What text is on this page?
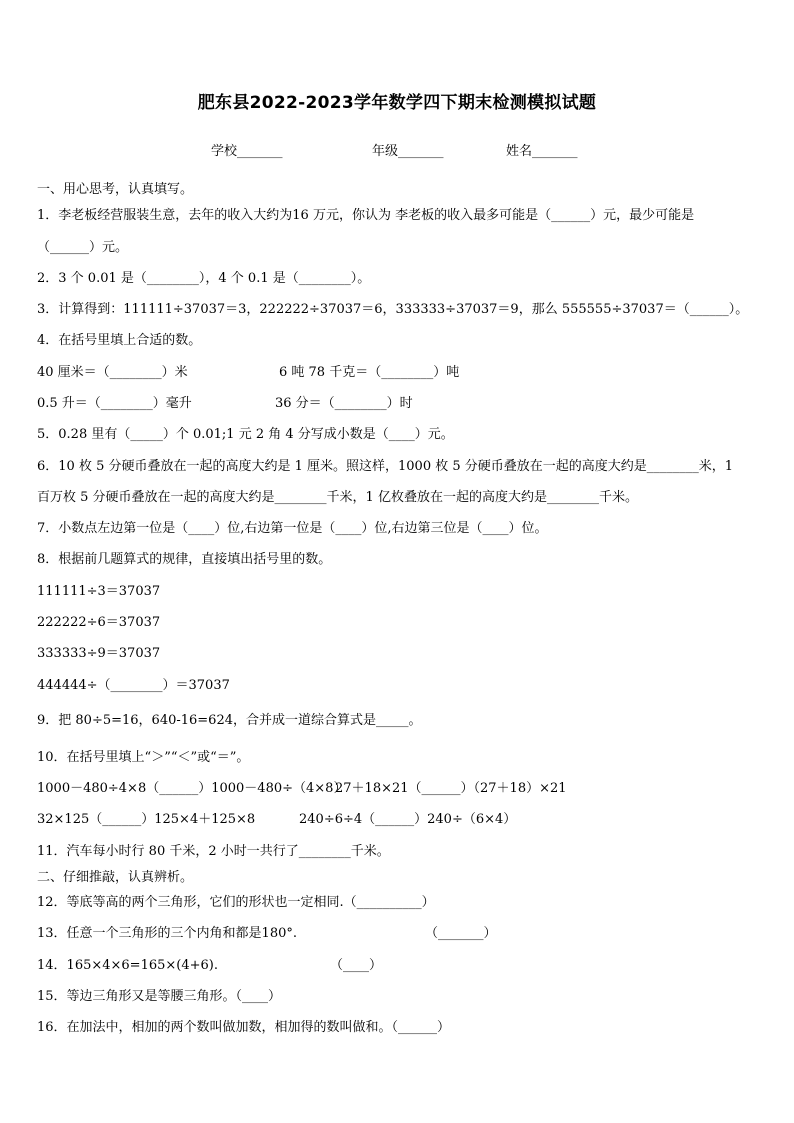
肥东县2022-2023学年数学四下期末检测模拟试题
学校_______	年级_______	姓名_______
一、用心思考，认真填写。
1．李老板经营服装生意，去年的收入大约为16 万元，你认为 李老板的收入最多可能是（______）元，最少可能是
（______）元。
2．3 个 0.01 是（________），4 个 0.1 是（________）。
3．计算得到：111111÷37037＝3，222222÷37037＝6，333333÷37037＝9，那么 555555÷37037＝（______）。
4．在括号里填上合适的数。
40 厘米＝（________）米	6 吨 78 千克＝（________）吨
0.5 升＝（________）毫升	36 分＝（________）时
5．0.28 里有（_____）个 0.01;1 元 2 角 4 分写成小数是（____）元。
6．10 枚 5 分硬币叠放在一起的高度大约是 1 厘米。照这样，1000 枚 5 分硬币叠放在一起的高度大约是________米，1
百万枚 5 分硬币叠放在一起的高度大约是________千米，1 亿枚叠放在一起的高度大约是________千米。
7．小数点左边第一位是（____）位,右边第一位是（____）位,右边第三位是（____）位。
8．根据前几题算式的规律，直接填出括号里的数。
111111÷3＝37037
222222÷6＝37037
333333÷9＝37037
444444÷（________）＝37037
9．把 80÷5=16，640-16=624，合并成一道综合算式是_____。
10．在括号里填上“＞”“＜”或“＝”。
1000－480÷4×8（______）1000－480÷（4×8）
27＋18×21（______）（27＋18）×21
32×125（______）125×4＋125×8	240÷6÷4（______）240÷（6×4）
11．汽车每小时行 80 千米，2 小时一共行了________千米。
二、仔细推敲，认真辨析。
12．等底等高的两个三角形，它们的形状也一定相同.（__________）
13．任意一个三角形的三个内角和都是180°.	（_______）
14．165×4×6=165×(4+6).	（____）
15．等边三角形又是等腰三角形。（____）
16．在加法中，相加的两个数叫做加数，相加得的数叫做和。（______）
